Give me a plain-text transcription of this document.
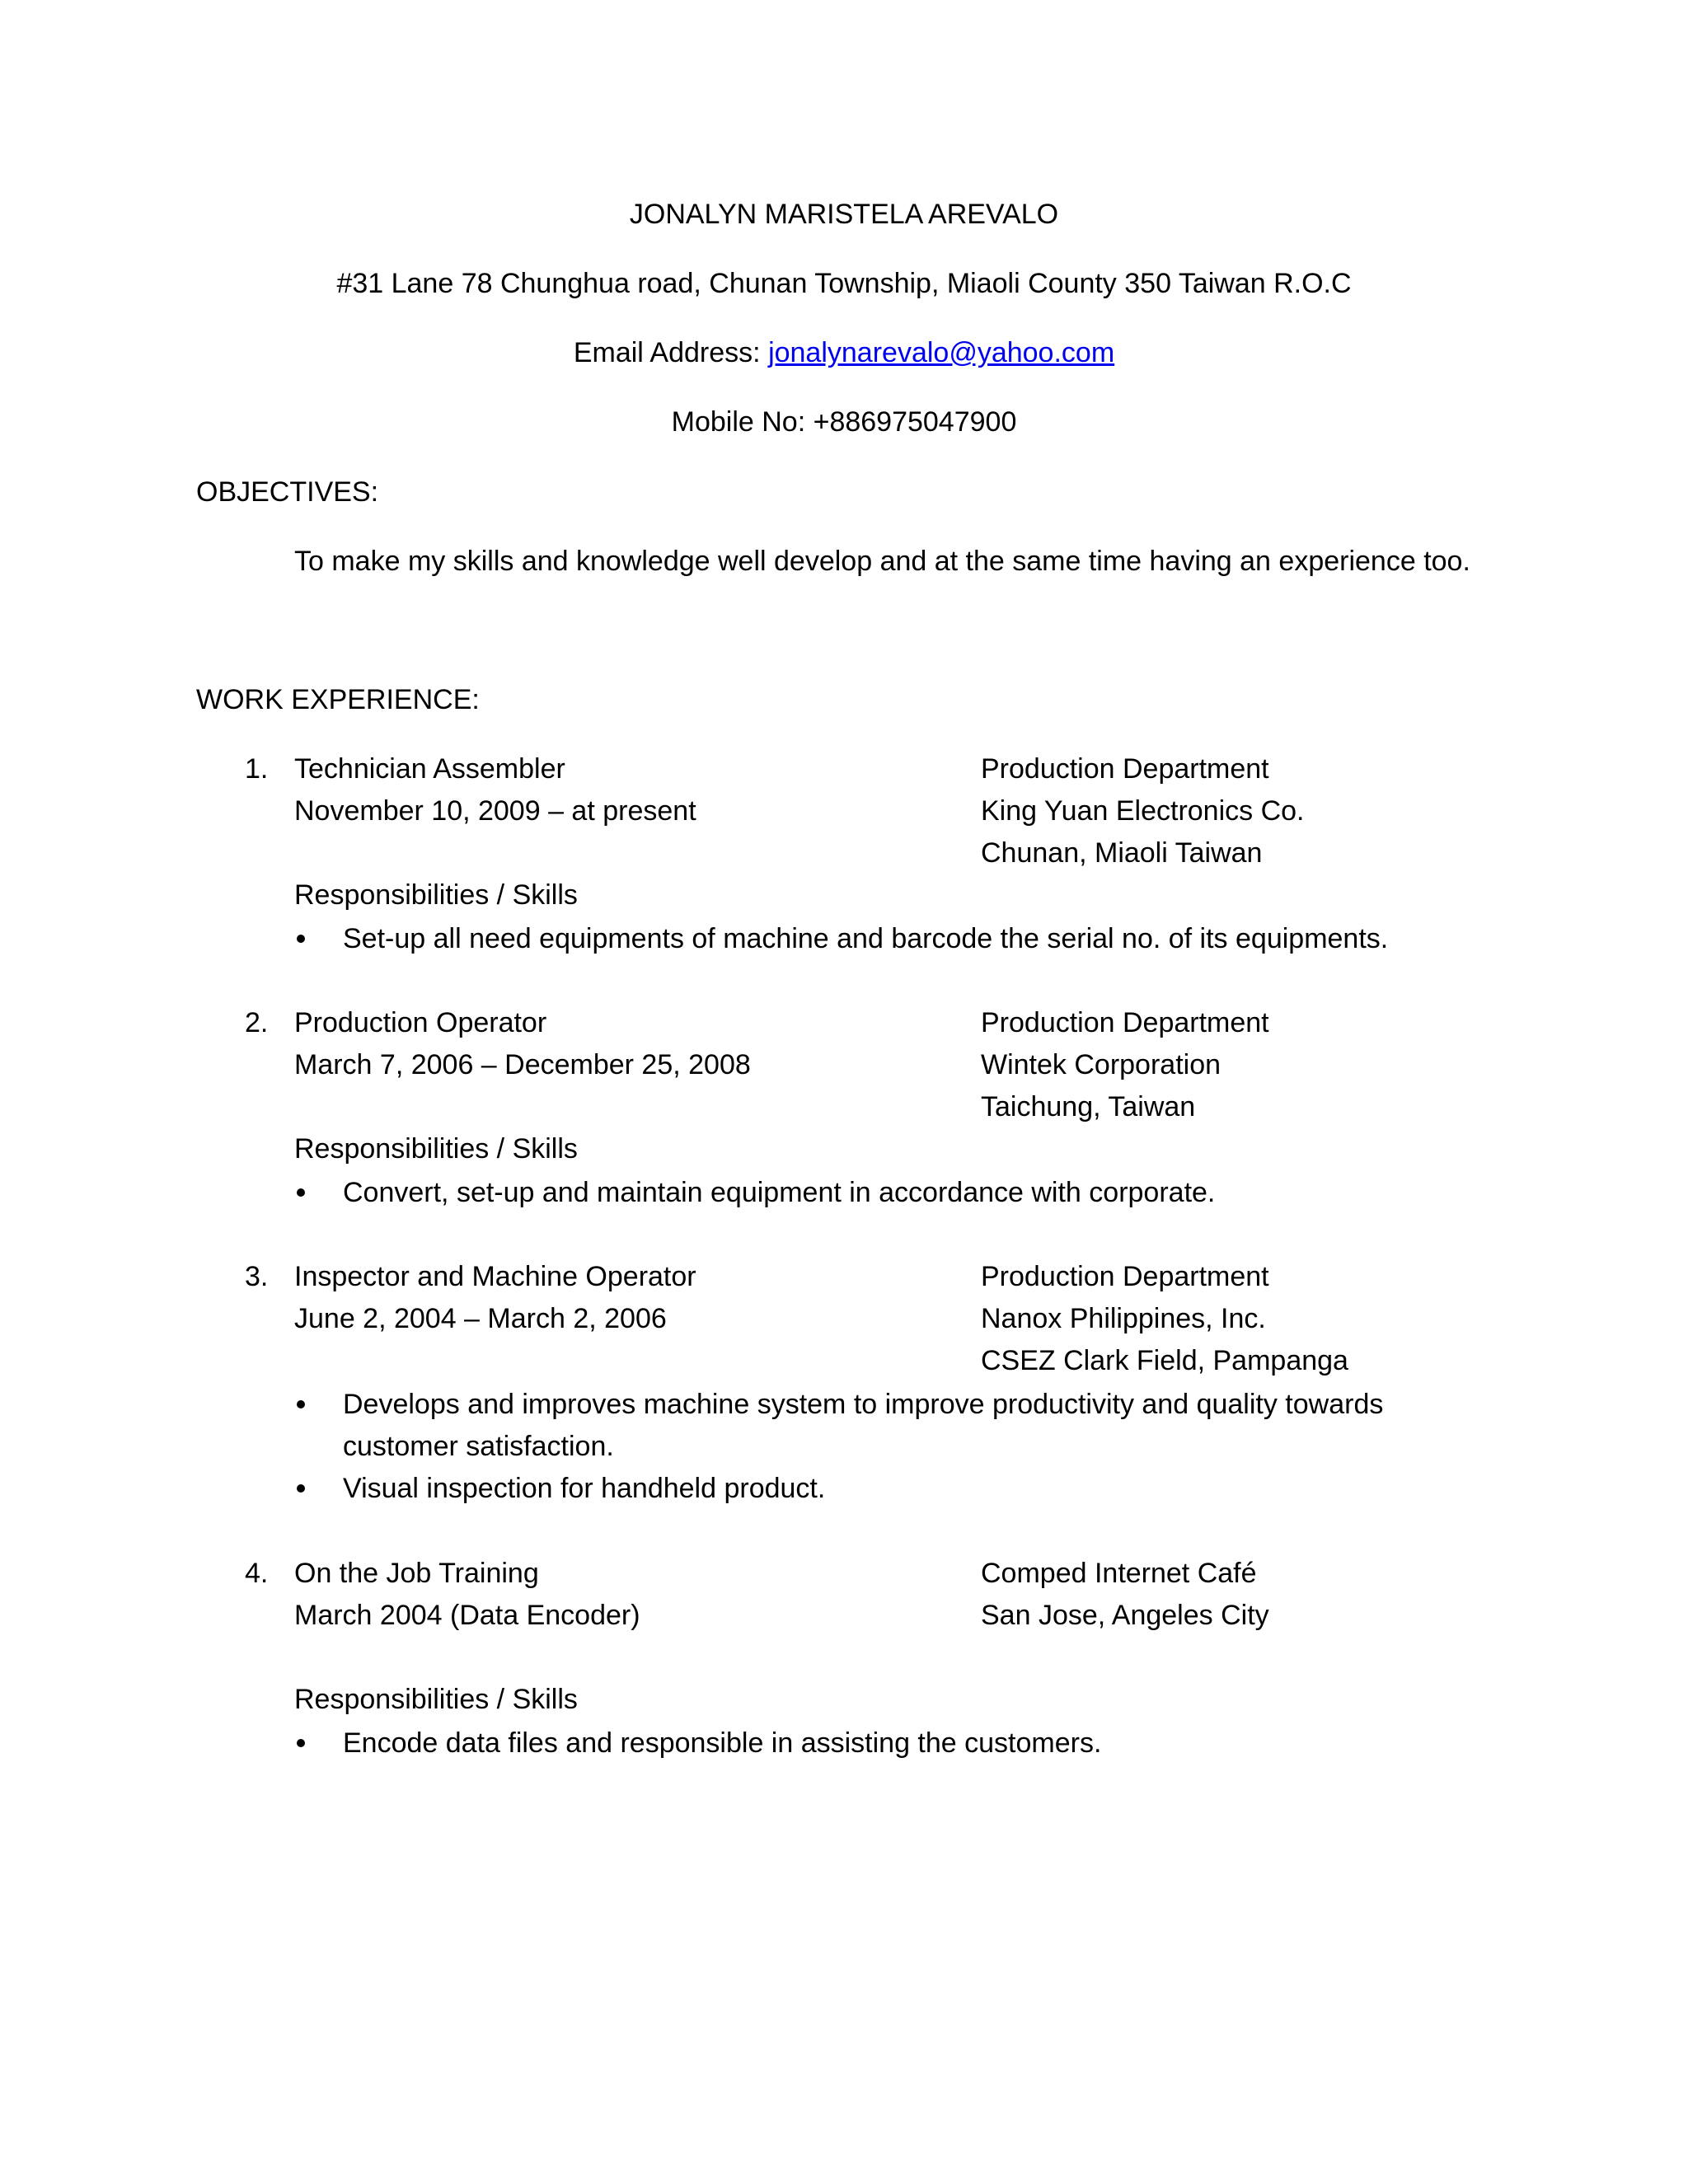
JONALYN MARISTELA AREVALO
#31 Lane 78 Chunghua road, Chunan Township, Miaoli County 350 Taiwan R.O.C
Email Address: jonalynarevalo@yahoo.com
Mobile No: +886975047900
OBJECTIVES:
To make my skills and knowledge well develop and at the same time having an experience too.
WORK EXPERIENCE:
1. Technician Assembler
November 10, 2009 – at present
Production Department
King Yuan Electronics Co.
Chunan, Miaoli Taiwan
Responsibilities / Skills
Set-up all need equipments of machine and barcode the serial no. of its equipments.
2. Production Operator
March 7, 2006 – December 25, 2008
Production Department
Wintek Corporation
Taichung, Taiwan
Responsibilities / Skills
Convert, set-up and maintain equipment in accordance with corporate.
3. Inspector and Machine Operator
June 2, 2004 – March 2, 2006
Production Department
Nanox Philippines, Inc.
CSEZ Clark Field, Pampanga
Develops and improves machine system to improve productivity and quality towards
customer satisfaction.
Visual inspection for handheld product.
4. On the Job Training
March 2004 (Data Encoder)
Comped Internet Café
San Jose, Angeles City
Responsibilities / Skills
Encode data files and responsible in assisting the customers.
